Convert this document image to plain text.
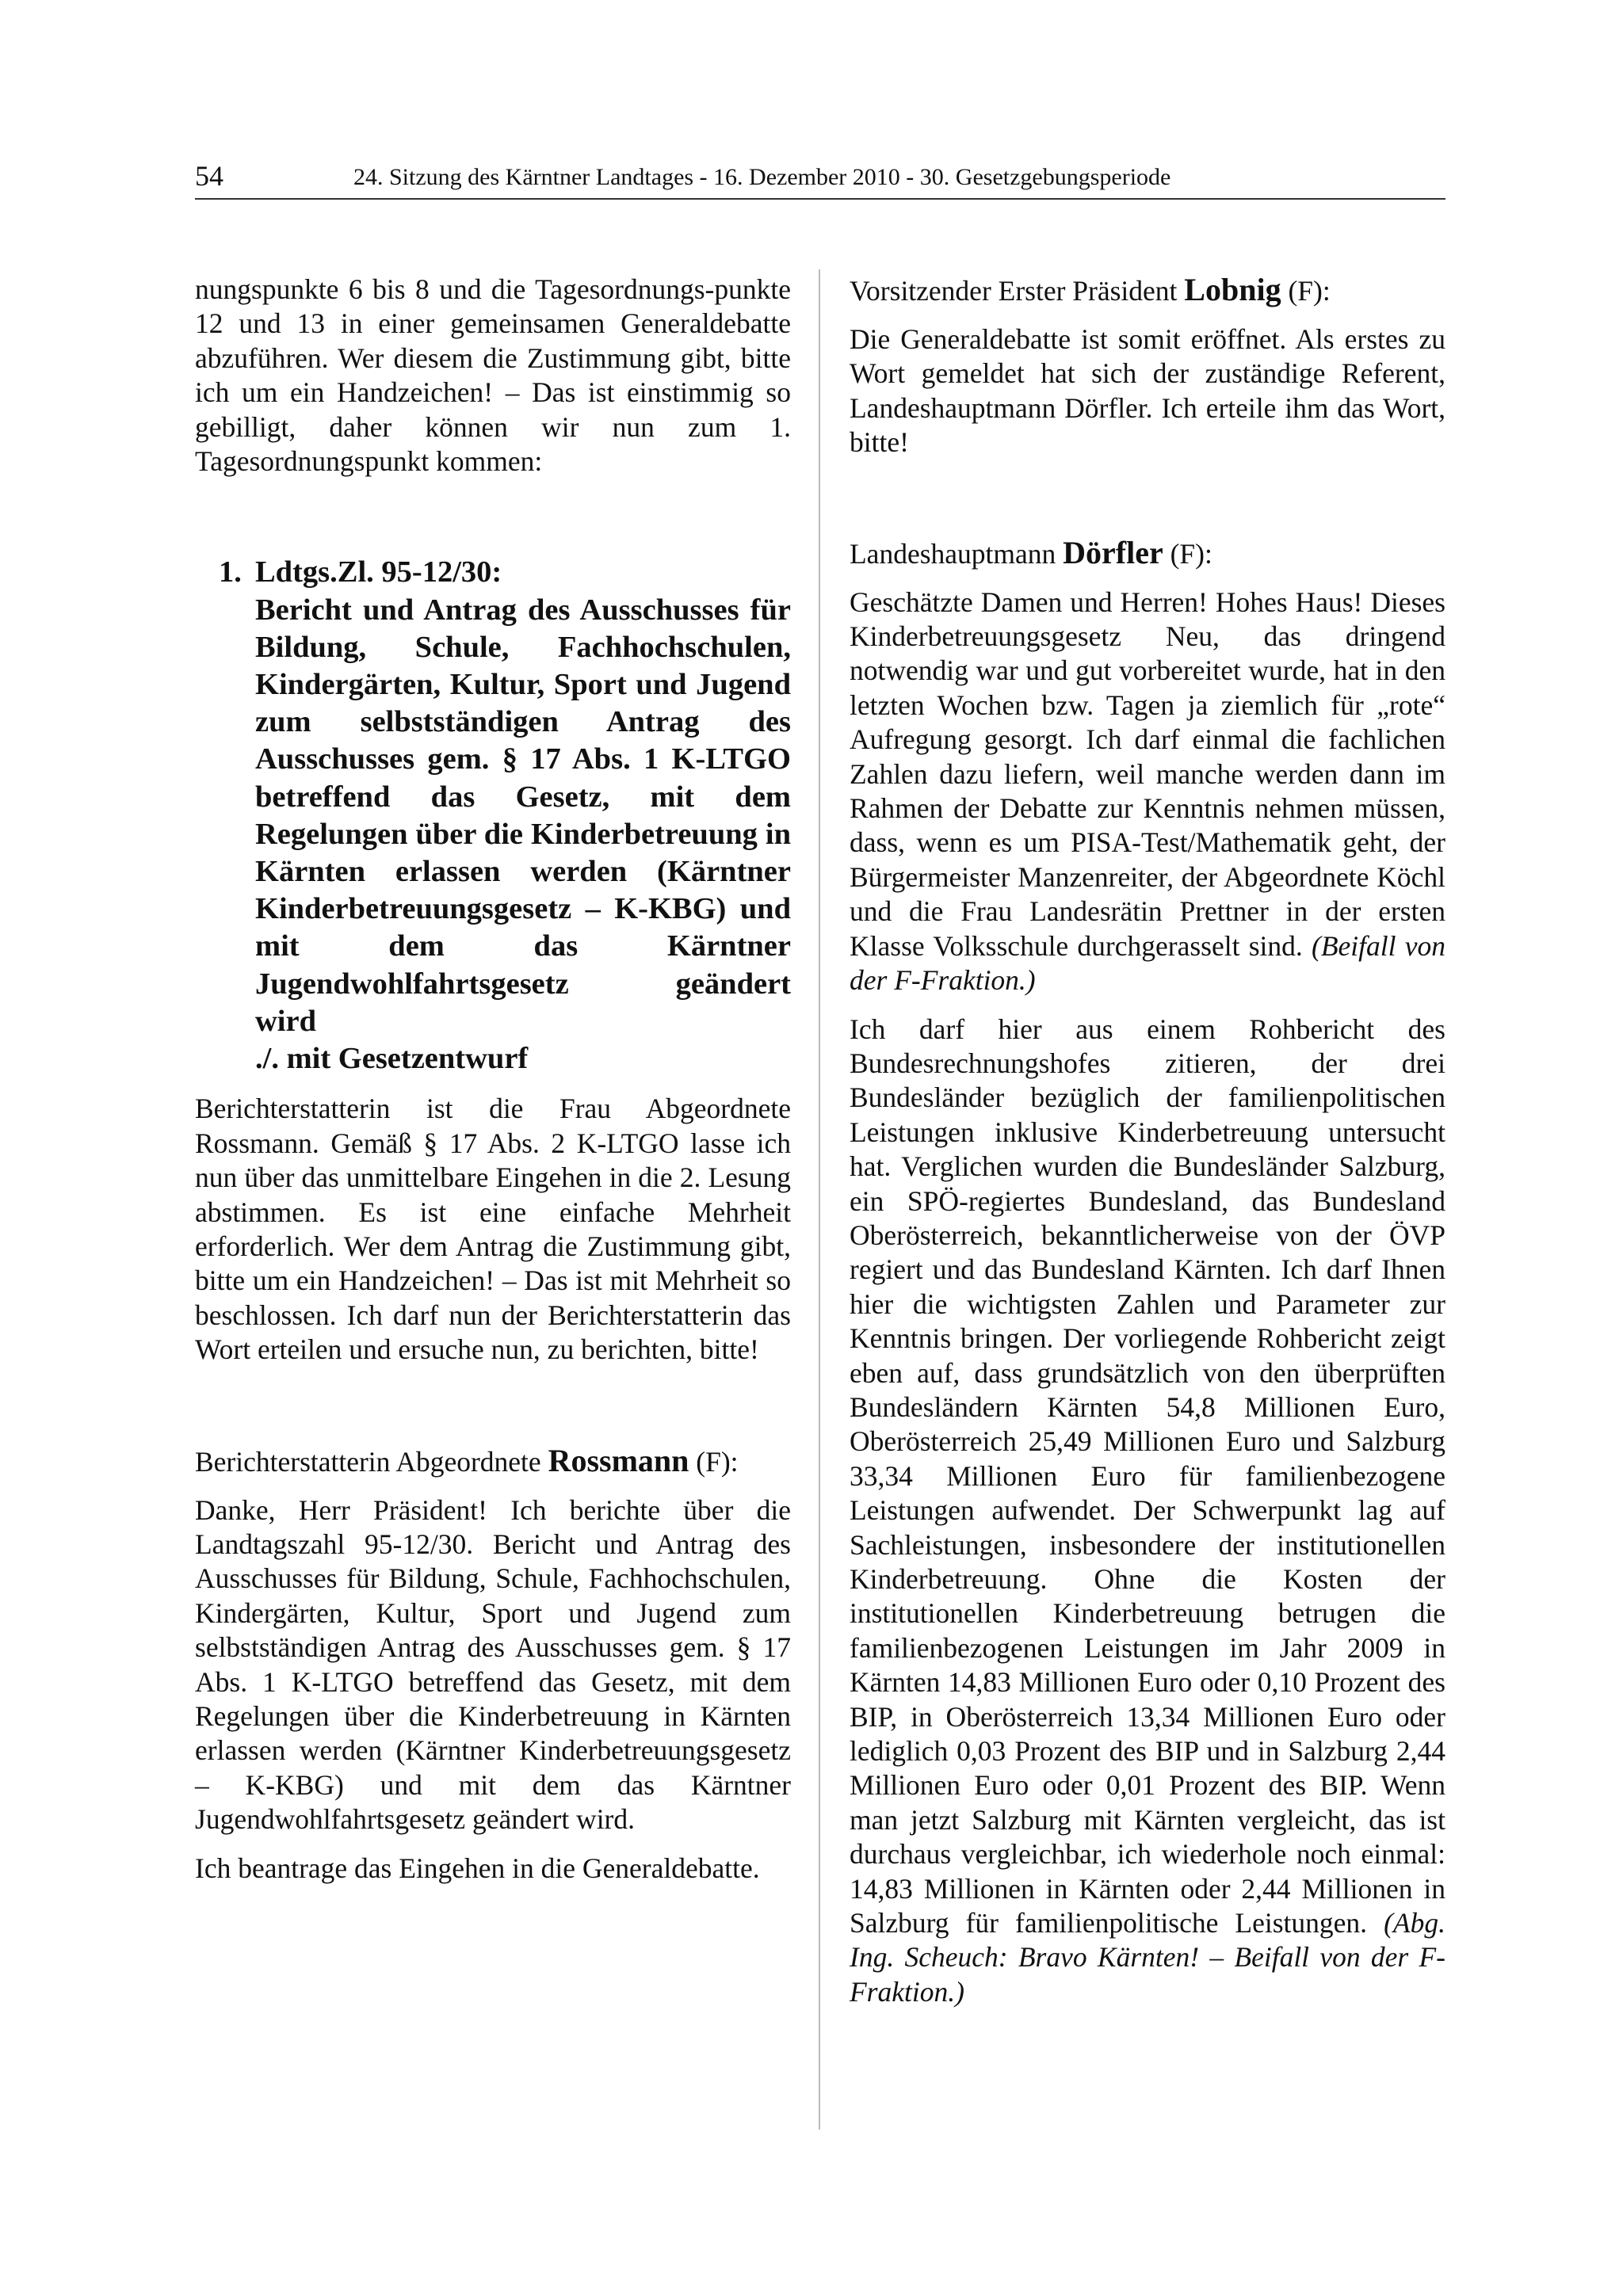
54	24. Sitzung des Kärntner Landtages - 16. Dezember 2010 - 30. Gesetzgebungsperiode

nungspunkte 6 bis 8 und die Tagesordnungs-punkte 12 und 13 in einer gemeinsamen Generaldebatte abzuführen. Wer diesem die Zustimmung gibt, bitte ich um ein Handzeichen! – Das ist einstimmig so gebilligt, daher können wir nun zum 1. Tagesordnungspunkt kommen:

1. Ldtgs.Zl. 95-12/30:
Bericht und Antrag des Ausschusses für Bildung, Schule, Fachhochschulen, Kindergärten, Kultur, Sport und Jugend zum selbstständigen Antrag des Ausschusses gem. § 17 Abs. 1 K-LTGO betreffend das Gesetz, mit dem Regelungen über die Kinderbetreuung in Kärnten erlassen werden (Kärntner Kinderbetreuungsgesetz – K-KBG) und mit dem das Kärntner Jugendwohlfahrtsgesetz geändert
wird
./. mit Gesetzentwurf

Berichterstatterin ist die Frau Abgeordnete Rossmann. Gemäß § 17 Abs. 2 K-LTGO lasse ich nun über das unmittelbare Eingehen in die 2. Lesung abstimmen. Es ist eine einfache Mehrheit erforderlich. Wer dem Antrag die Zustimmung gibt, bitte um ein Handzeichen! – Das ist mit Mehrheit so beschlossen. Ich darf nun der Berichterstatterin das Wort erteilen und ersuche nun, zu berichten, bitte!

Berichterstatterin Abgeordnete Rossmann (F):

Danke, Herr Präsident! Ich berichte über die Landtagszahl 95-12/30. Bericht und Antrag des Ausschusses für Bildung, Schule, Fachhochschulen, Kindergärten, Kultur, Sport und Jugend zum selbstständigen Antrag des Ausschusses gem. § 17 Abs. 1 K-LTGO betreffend das Gesetz, mit dem Regelungen über die Kinderbetreuung in Kärnten erlassen werden (Kärntner Kinderbetreuungsgesetz – K-KBG) und mit dem das Kärntner Jugendwohlfahrtsgesetz geändert wird.

Ich beantrage das Eingehen in die Generaldebatte.

Vorsitzender Erster Präsident Lobnig (F):

Die Generaldebatte ist somit eröffnet. Als erstes zu Wort gemeldet hat sich der zuständige Referent, Landeshauptmann Dörfler. Ich erteile ihm das Wort, bitte!

Landeshauptmann Dörfler (F):

Geschätzte Damen und Herren! Hohes Haus! Dieses Kinderbetreuungsgesetz Neu, das dringend notwendig war und gut vorbereitet wurde, hat in den letzten Wochen bzw. Tagen ja ziemlich für „rote“ Aufregung gesorgt. Ich darf einmal die fachlichen Zahlen dazu liefern, weil manche werden dann im Rahmen der Debatte zur Kenntnis nehmen müssen, dass, wenn es um PISA-Test/Mathematik geht, der Bürgermeister Manzenreiter, der Abgeordnete Köchl und die Frau Landesrätin Prettner in der ersten Klasse Volksschule durchgerasselt sind. (Beifall von der F-Fraktion.)

Ich darf hier aus einem Rohbericht des Bundesrechnungshofes zitieren, der drei Bundesländer bezüglich der familienpolitischen Leistungen inklusive Kinderbetreuung untersucht hat. Verglichen wurden die Bundesländer Salzburg, ein SPÖ-regiertes Bundesland, das Bundesland Oberösterreich, bekanntlicherweise von der ÖVP regiert und das Bundesland Kärnten. Ich darf Ihnen hier die wichtigsten Zahlen und Parameter zur Kenntnis bringen. Der vorliegende Rohbericht zeigt eben auf, dass grundsätzlich von den überprüften Bundesländern Kärnten 54,8 Millionen Euro, Oberösterreich 25,49 Millionen Euro und Salzburg 33,34 Millionen Euro für familienbezogene Leistungen aufwendet. Der Schwerpunkt lag auf Sachleistungen, insbesondere der institutionellen Kinderbetreuung. Ohne die Kosten der institutionellen Kinderbetreuung betrugen die familienbezogenen Leistungen im Jahr 2009 in Kärnten 14,83 Millionen Euro oder 0,10 Prozent des BIP, in Oberösterreich 13,34 Millionen Euro oder lediglich 0,03 Prozent des BIP und in Salzburg 2,44 Millionen Euro oder 0,01 Prozent des BIP. Wenn man jetzt Salzburg mit Kärnten vergleicht, das ist durchaus vergleichbar, ich wiederhole noch einmal: 14,83 Millionen in Kärnten oder 2,44 Millionen in Salzburg für familienpolitische Leistungen. (Abg. Ing. Scheuch: Bravo Kärnten! – Beifall von der F-Fraktion.)
